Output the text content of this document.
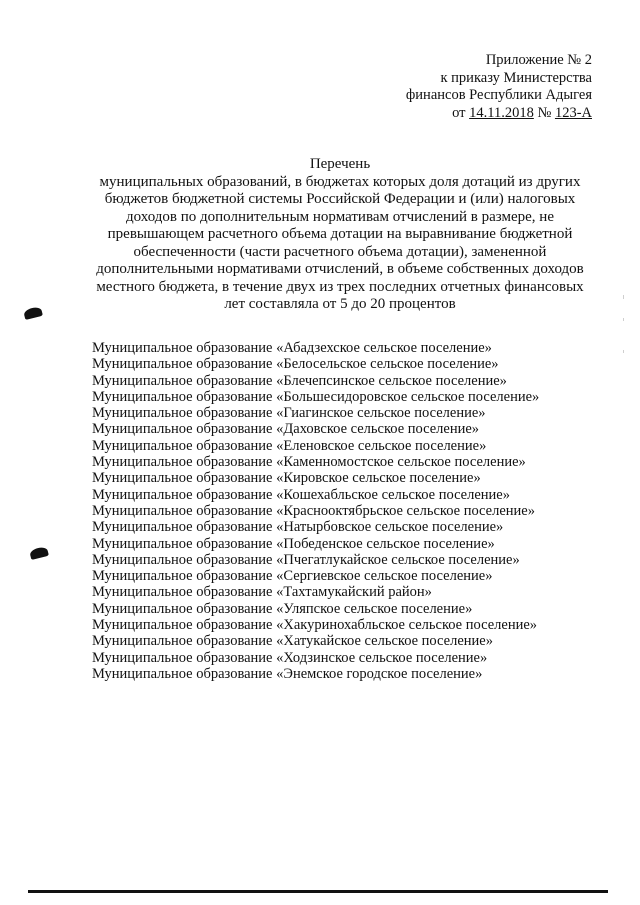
Приложение № 2
к приказу Министерства
финансов Республики Адыгея
от 14.11.2018 № 123-А
Перечень
муниципальных образований, в бюджетах которых доля дотаций из других
бюджетов бюджетной системы Российской Федерации и (или) налоговых
доходов по дополнительным нормативам отчислений в размере, не
превышающем расчетного объема дотации на выравнивание бюджетной
обеспеченности (части расчетного объема дотации), замененной
дополнительными нормативами отчислений, в объеме собственных доходов
местного бюджета, в течение двух из трех последних отчетных финансовых
лет составляла от 5 до 20 процентов
Муниципальное образование «Абадзехское сельское поселение»
Муниципальное образование «Белосельское сельское поселение»
Муниципальное образование «Блечепсинское сельское поселение»
Муниципальное образование «Большесидоровское сельское поселение»
Муниципальное образование «Гиагинское сельское поселение»
Муниципальное образование «Даховское сельское поселение»
Муниципальное образование «Еленовское сельское поселение»
Муниципальное образование «Каменномостское сельское поселение»
Муниципальное образование «Кировское сельское поселение»
Муниципальное образование «Кошехабльское сельское поселение»
Муниципальное образование «Краснооктябрьское сельское поселение»
Муниципальное образование «Натырбовское сельское поселение»
Муниципальное образование «Победенское сельское поселение»
Муниципальное образование «Пчегатлукайское сельское поселение»
Муниципальное образование «Сергиевское сельское поселение»
Муниципальное образование «Тахтамукайский район»
Муниципальное образование «Уляпское сельское поселение»
Муниципальное образование «Хакуринохабльское сельское поселение»
Муниципальное образование «Хатукайское сельское поселение»
Муниципальное образование «Ходзинское сельское поселение»
Муниципальное образование «Энемское городское поселение»
